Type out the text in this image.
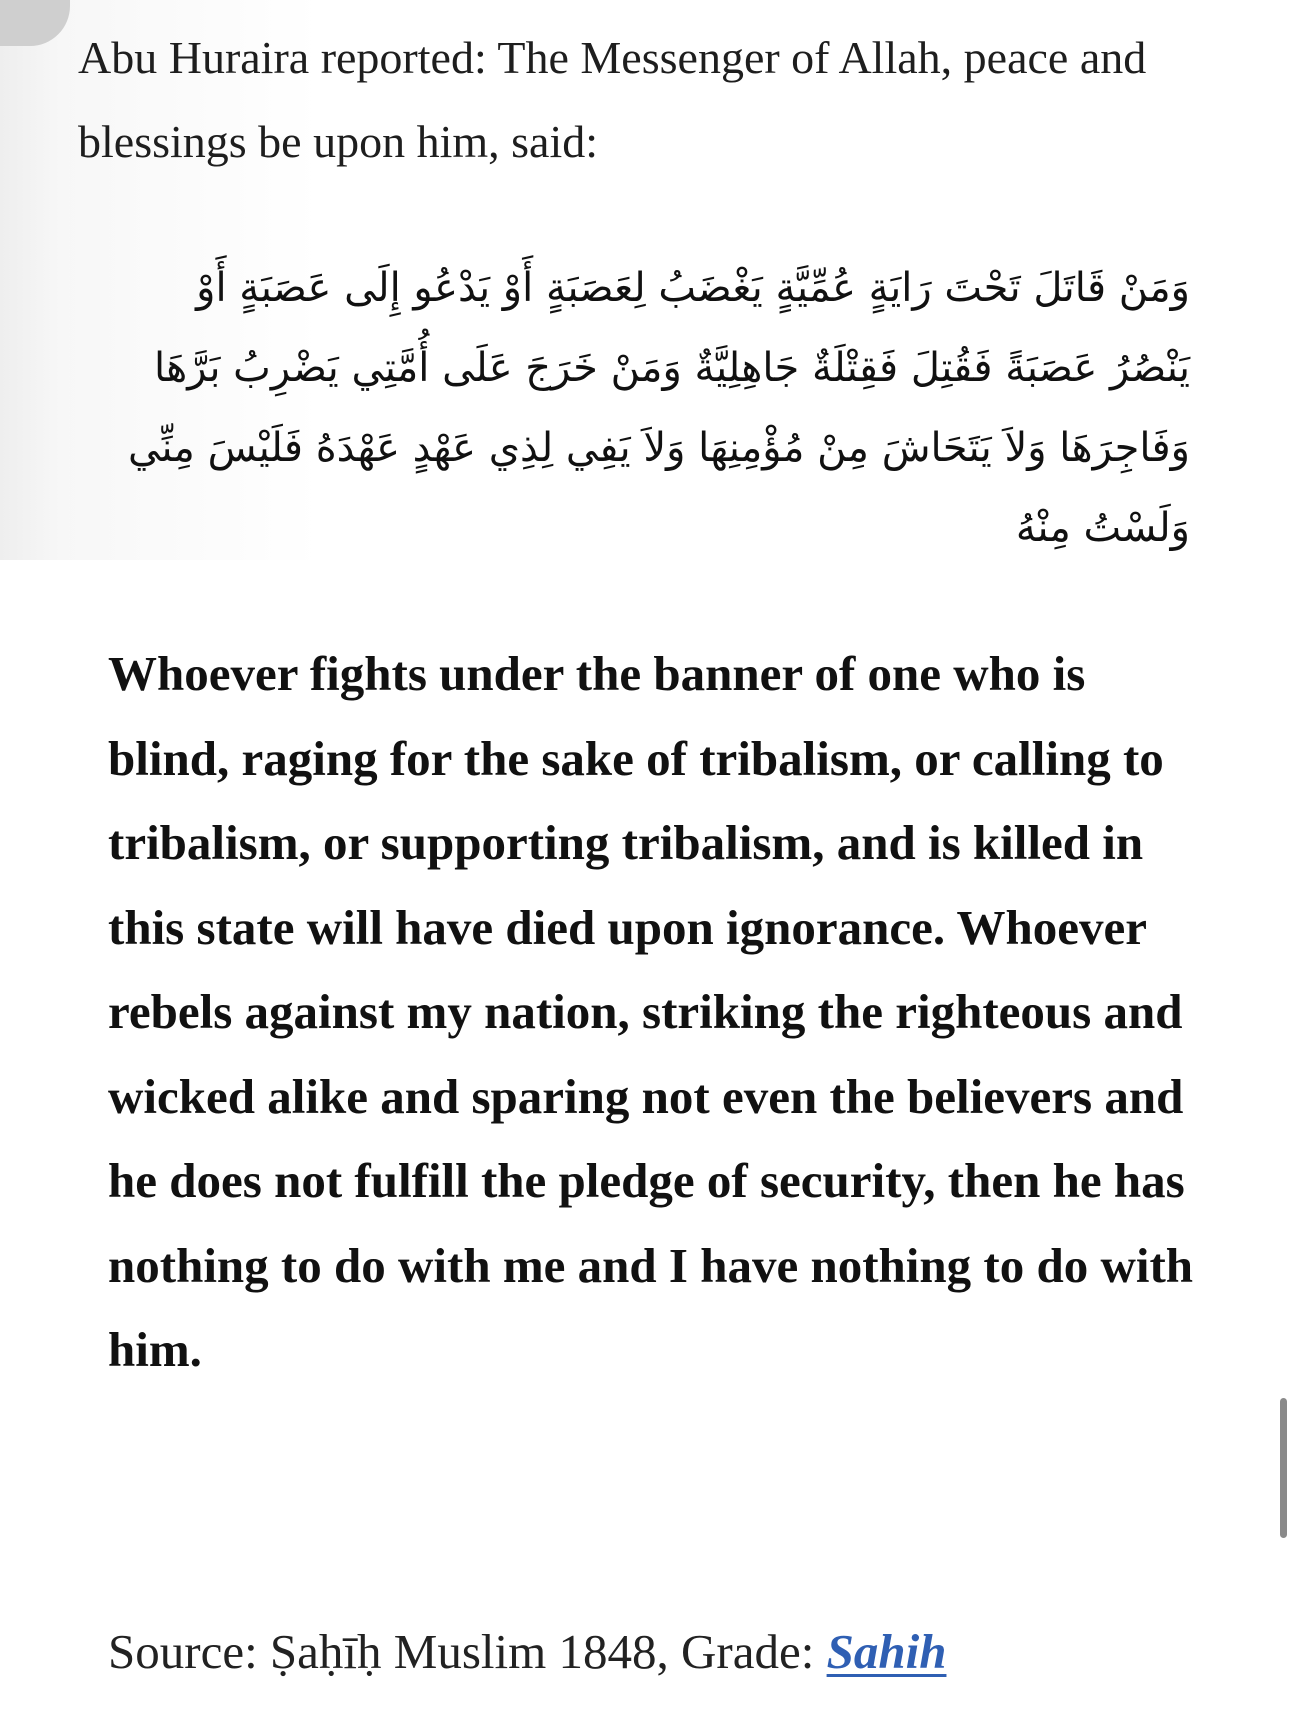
Abu Huraira reported: The Messenger of Allah, peace and blessings be upon him, said:

وَمَنْ قَاتَلَ تَحْتَ رَايَةٍ عُمِّيَّةٍ يَغْضَبُ لِعَصَبَةٍ أَوْ يَدْعُو إِلَى عَصَبَةٍ أَوْ يَنْصُرُ عَصَبَةً فَقُتِلَ فَقِتْلَةٌ جَاهِلِيَّةٌ وَمَنْ خَرَجَ عَلَى أُمَّتِي يَضْرِبُ بَرَّهَا وَفَاجِرَهَا وَلاَ يَتَحَاشَ مِنْ مُؤْمِنِهَا وَلاَ يَفِي لِذِي عَهْدٍ عَهْدَهُ فَلَيْسَ مِنِّي وَلَسْتُ مِنْهُ

Whoever fights under the banner of one who is blind, raging for the sake of tribalism, or calling to tribalism, or supporting tribalism, and is killed in this state will have died upon ignorance. Whoever rebels against my nation, striking the righteous and wicked alike and sparing not even the believers and he does not fulfill the pledge of security, then he has nothing to do with me and I have nothing to do with him.

Source: Ṣaḥīḥ Muslim 1848, Grade: Sahih
